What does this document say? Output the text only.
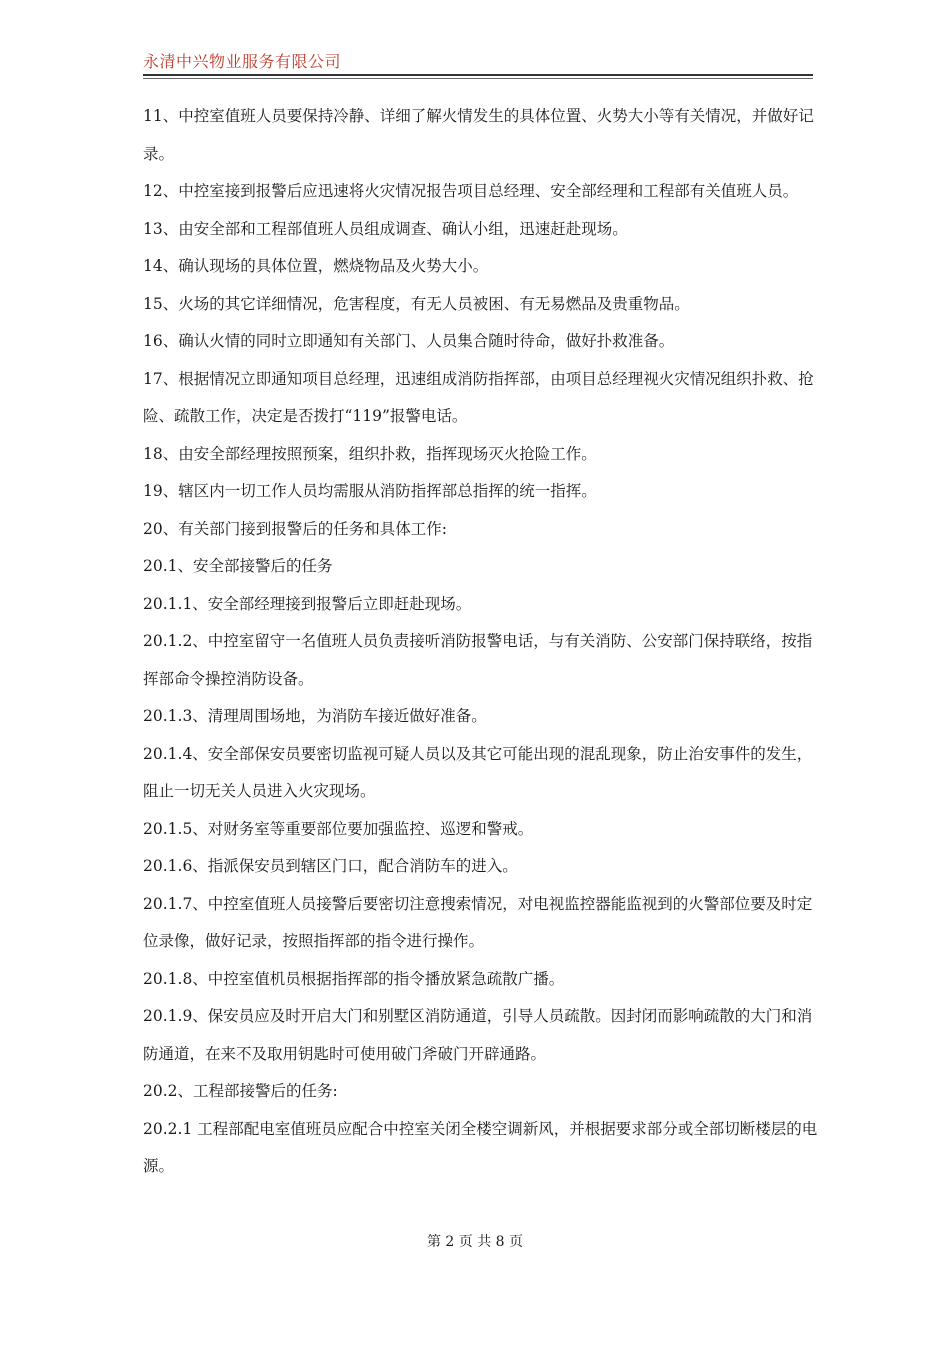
永清中兴物业服务有限公司

11、中控室值班人员要保持冷静、详细了解火情发生的具体位置、火势大小等有关情况，并做好记录。

12、中控室接到报警后应迅速将火灾情况报告项目总经理、安全部经理和工程部有关值班人员。

13、由安全部和工程部值班人员组成调查、确认小组，迅速赶赴现场。

14、确认现场的具体位置，燃烧物品及火势大小。

15、火场的其它详细情况，危害程度，有无人员被困、有无易燃品及贵重物品。

16、确认火情的同时立即通知有关部门、人员集合随时待命，做好扑救准备。

17、根据情况立即通知项目总经理，迅速组成消防指挥部，由项目总经理视火灾情况组织扑救、抢险、疏散工作，决定是否拨打“119”报警电话。

18、由安全部经理按照预案，组织扑救，指挥现场灭火抢险工作。

19、辖区内一切工作人员均需服从消防指挥部总指挥的统一指挥。

20、有关部门接到报警后的任务和具体工作:

20.1、安全部接警后的任务

20.1.1、安全部经理接到报警后立即赶赴现场。

20.1.2、中控室留守一名值班人员负责接听消防报警电话，与有关消防、公安部门保持联络，按指挥部命令操控消防设备。

20.1.3、清理周围场地，为消防车接近做好准备。

20.1.4、安全部保安员要密切监视可疑人员以及其它可能出现的混乱现象，防止治安事件的发生，阻止一切无关人员进入火灾现场。

20.1.5、对财务室等重要部位要加强监控、巡逻和警戒。

20.1.6、指派保安员到辖区门口，配合消防车的进入。

20.1.7、中控室值班人员接警后要密切注意搜索情况，对电视监控器能监视到的火警部位要及时定位录像，做好记录，按照指挥部的指令进行操作。

20.1.8、中控室值机员根据指挥部的指令播放紧急疏散广播。

20.1.9、保安员应及时开启大门和别墅区消防通道，引导人员疏散。因封闭而影响疏散的大门和消防通道，在来不及取用钥匙时可使用破门斧破门开辟通路。

20.2、工程部接警后的任务:

20.2.1 工程部配电室值班员应配合中控室关闭全楼空调新风，并根据要求部分或全部切断楼层的电源。

第 2 页 共 8 页
